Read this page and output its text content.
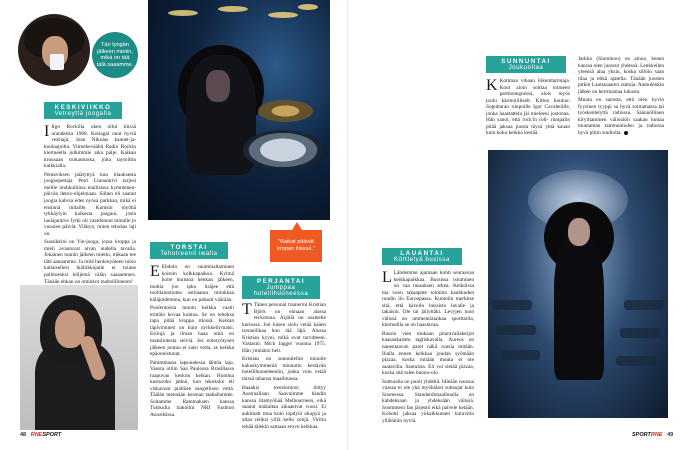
Tän tyngän jälkeen mietin, mikä on tää talä saaamme.
KESKIVIIKKO
Vetreyttä joogalla

I Irgo Rockilla oken ollut tiiissä urandeista 1968. Kotiagal onat hyviä vekitajä, Joan Nikolas kannet-ja-koulaajoilta. Viimekeväältä Radio Rockin kiertueella julkimmie aika palje. Kaikan kruusaan trokantuoka, joita taytoiltin kaikkialla.

Pentaviksen päätyttyä kun tilauksesta joogaopettaja Petri Linnankivi tarjosi meille muhkuliinsa mallisissa kymmenen- päivän detox-ohjelmaan. Siihen eli saanut joogia kahvia edes nyösä parkkaa, mikä ei ensinnä mitaille. Kuntsin myöhä tykkäytyin kaikesta joogaui, josta laulajantive Jyrki oli vaatdonnut minulle jo vuosien päivät. Yllätyn, miten tehokas laji on.

Suosikkini on Yin-jooga, jossa kroppa ja mieli avautuvat aivan uudella tavalla. Jokainen tunnin jälkeen mietin, mikaan tee tätä aanaamme. Ja mitä henkinyöteen tuloo kaltaisellesi ikäliikkujalle ei tolane palittoesksi höljemä välän saaaammes. Tänään ehkan on ominkot maltsiillinenm!

"Kaikat pitävät kropan itkissä."
TORSTAI
Tehotreenit iwalla

E Ehdoin on suommaltaminen koitoin kolkkapaikoa. Kylmä hoite muistoa kenkan jälkeen, muttia joo ipko lisäjee että toolilainohutea sotilaansa miinkkaa käläjoidemma, kun on pahasti väärään.

Puolentoista tunnin keikka vaatii erittäin kovaa kuntoa. Se on tehoksa tapa pitää kroppa itkissä. Keikan läpiviminen on kuin nyrkkeilymatsi. Esiinjä ja ilman haaa niitä on maksliotesta selviä. Jos entotyötysen jälkeen joutuu ei saisi verta, se keikka epäonnistunut.

Pahimmassa lapsuudessa lähtöa laju. Vaosta oltiin Saa Paulossa Brasiliassa tuapuvan keskon keikan. Homma kusturoko jatkui, kun tekoksko eli viskavuot piallöen sangelliseo vettä. Täälän mennään kesman taahallamme. Soitamme Rammaksen kanssa Tuiskulla tiakollin NRJ Fashion Awardsissa.

PERJANTAI
Jumppaa hotellihuoneessa

T Tänen personal trainerini Kristian Björk on ennaan alassa reckotuna. Äijällä on osaleelle kuriossa. Joé luisen siolu vetää kääen tsrsneilikaa hun tää läjä. Alussa Kristian kyyni, mikä ovat tarvitteeni. Vastasin: Mick Jagger vuonna 1975. Hän ymmärsi heti.

Kristian on suunnitellut minulle kakuskymmentä minuutin kestävän hotellihuoneteeniin, jonka voin vetää missä tahansa maailmassa.

Haaakiz treesinmoni liittyy Austraaliaan. Saavuimme bändin kanssa iltamyöhää Melbourneen, eikä saanut mukaltan aikaaeivat vuosi. Ei aukimatt mua kuin lopdylä okupyä ja allaa reliksi yillä kello sohjä. Viritin tehää tälekin samaan erovn keikkaa.

SUNNUNTAI
Joukuollaa

K Kotimaa vihaan liikenttarintaja. Koot aloin soittaa toimeen parttionegnessä, alois myös joulu kärmniilliselt. Kitton kuuluu: Sopultaran runpoille Igor Cavalerälle, jonka haastattelu jäi mieleeni jostonna. Hän sanoi, että rock'in roll- rumpalin pitää jaksaa juosta täysä yhtä kauan kuin koko keikka kestää.

Jarkko (Siuminoo) on ainoa, kenen kanssa olen juossut yhdessä. Lenkkeilen yleensä aina yksin, koska sillöin saan tilaa ja ehkä ajatella. Tänään juosten pitkin Lauttasaaren rantoja. Aamulenkin jälkee on herrmantaa lukosta.

Muuta en sanotta, että olen hyvin fyysinen tyyppi sa hyvä soittamassa tai työskentelyttä radiossa. Säännöllinen kiryittaminen välissäön saakan hoitaa muutaman tammuoloden ja radiossa hyvä plitin studiolta.

LAUANTAI
Körttelyä busissa

L Lähdemme ajamaan kohti seuraavaa keikkapaikkaa. Bussissa istuminen on vaa rasauksen arkea. Keikoissa ma vuon takaapnte toiminn kaukkuden rundin ilo Euroopassa. Kuntoilu merkitse sitä, että kävelin bussista lavalle ja takaisin. Ole tai jäilyttäki. Levyjen tuon välissä on ummentiaiaikaa sporttailla, kiertueilla se on haastavaa.

Bussin vien mukaan pitaravaliakerjot kaasaukaisttu tagliskavalla. Aureos on nauentaavan paret näkä ruusia mitään. Ilialla ennen keikkaa joudan syömään pizzaa, koska mitään muuta ei ole saatavilla. Sautulsta. Eli voi sietää pizzaa, koska sitä tulee huono-olo.

Suttsoalia on puoli yhdeltä. Idleään nousua vuassa ei ole yhä myöhäiset suttsujat kuin Suomessa. Standardimaailmalla on kahdeksaan ja yhdeksään välissä. Soommeni fan järjestö eikä palvele ketään. Kohotti jaksaa yökaikkunnet kuluvitin ylläitärän hyviä.

48 RNESPORT	SPORTRNE 49
